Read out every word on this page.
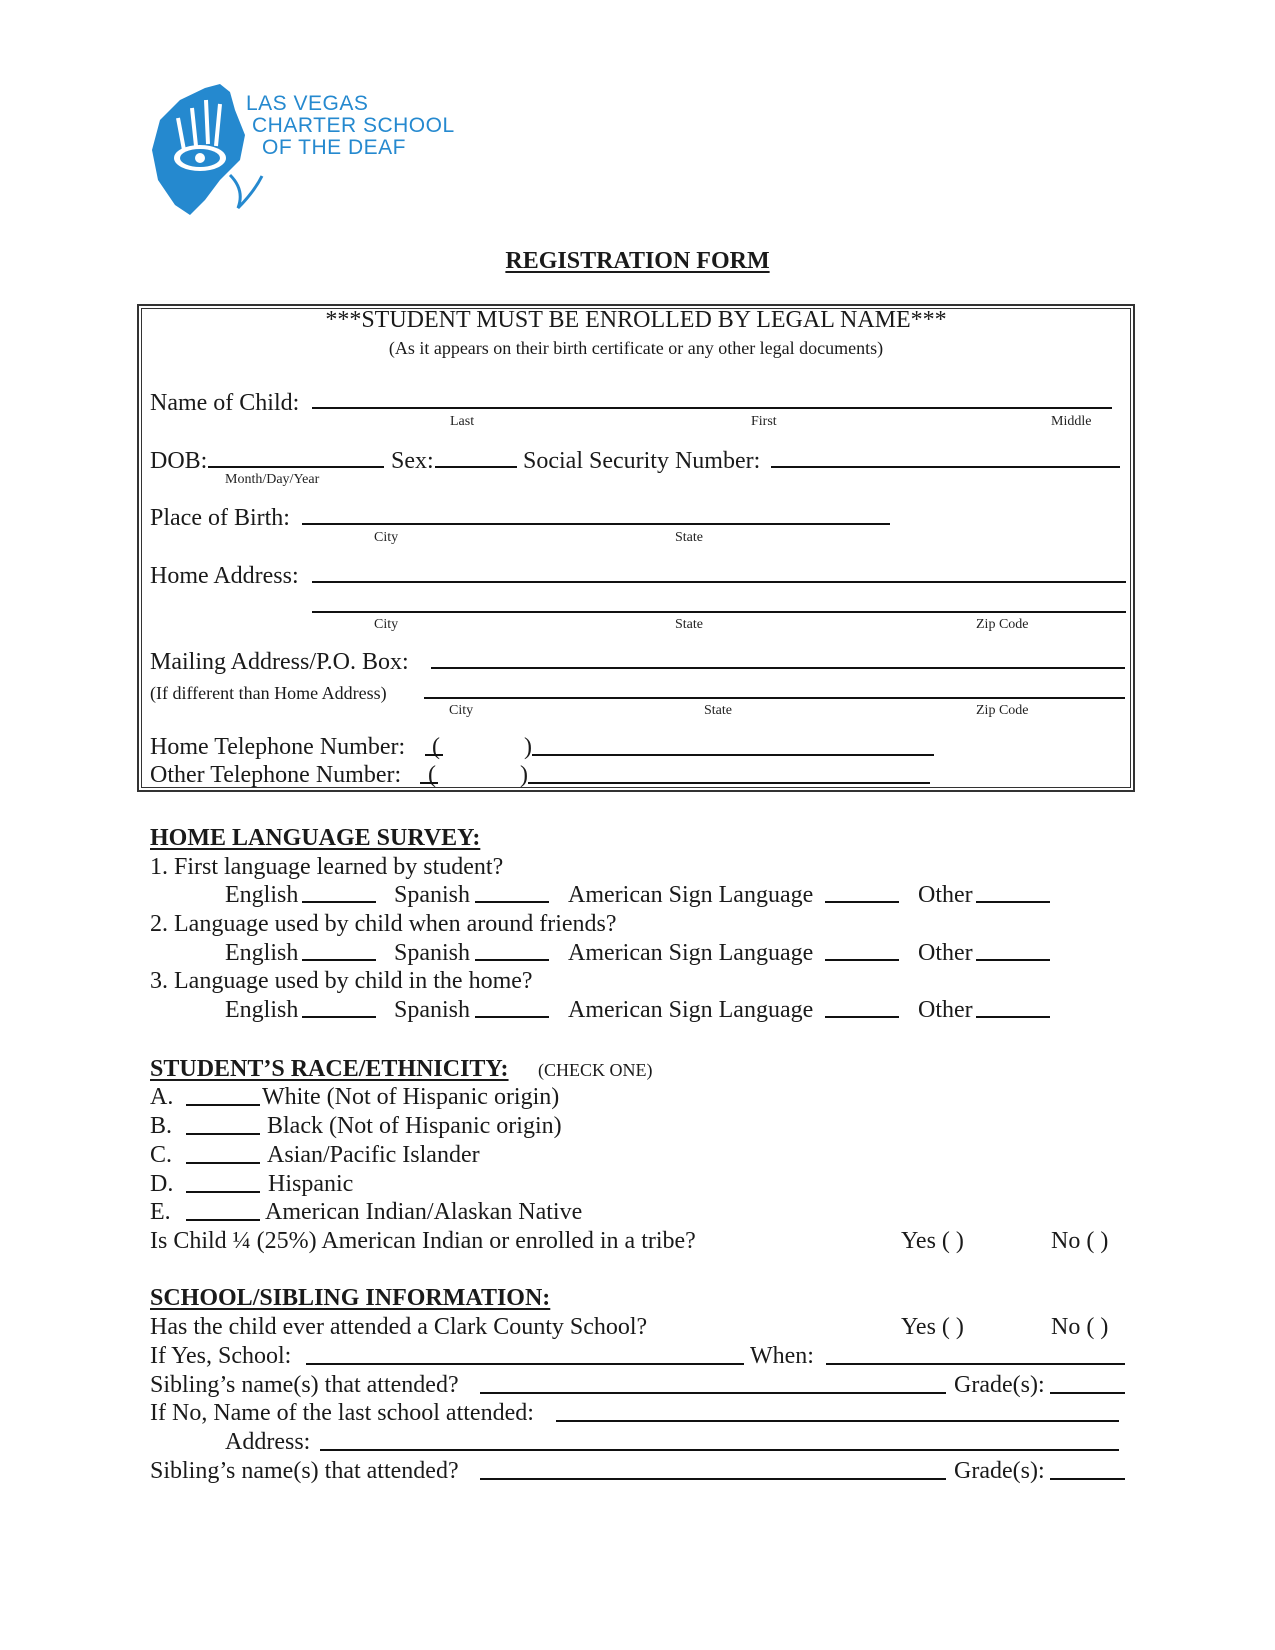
LAS VEGAS
CHARTER SCHOOL
OF THE DEAF
REGISTRATION FORM
***STUDENT MUST BE ENROLLED BY LEGAL NAME***
(As it appears on their birth certificate or any other legal documents)
Name of Child:
Last	First	Middle
DOB:
Month/Day/Year
Sex:	Social Security Number:
Place of Birth:
City	State
Home Address:
City	State	Zip Code
Mailing Address/P.O. Box:
(If different than Home Address)
City	State	Zip Code
Home Telephone Number: (	)
Other Telephone Number: (	)
HOME LANGUAGE SURVEY:
1. First language learned by student?
English	Spanish	American Sign Language	Other
2. Language used by child when around friends?
English	Spanish	American Sign Language	Other
3. Language used by child in the home?
English	Spanish	American Sign Language	Other
STUDENT’S RACE/ETHNICITY: (CHECK ONE)
A.	White (Not of Hispanic origin)
B.	Black (Not of Hispanic origin)
C.	Asian/Pacific Islander
D.	Hispanic
E.	American Indian/Alaskan Native
Is Child ¼ (25%) American Indian or enrolled in a tribe?	Yes ( )	No ( )
SCHOOL/SIBLING INFORMATION:
Has the child ever attended a Clark County School?	Yes ( )	No ( )
If Yes, School:	When:
Sibling’s name(s) that attended?	Grade(s):
If No, Name of the last school attended:
Address:
Sibling’s name(s) that attended?	Grade(s):
